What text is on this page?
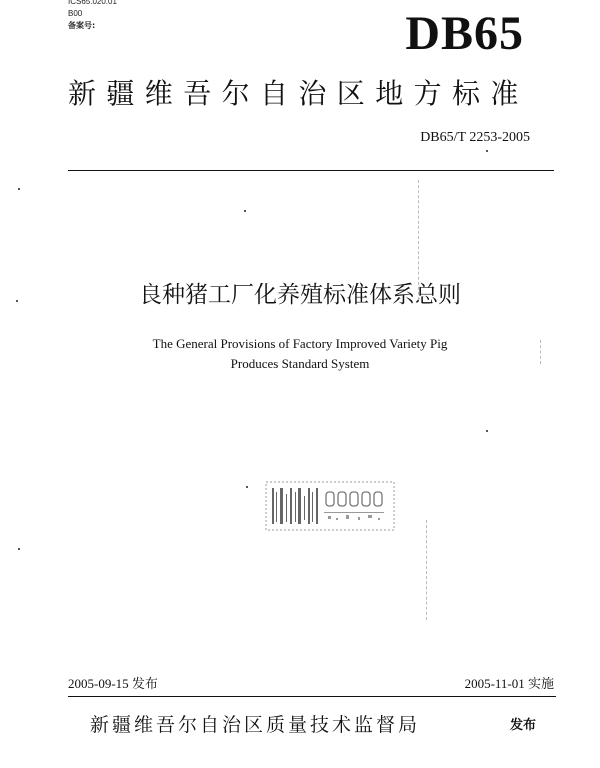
ICS65.020.01
B00
备案号:	DB65
新疆维吾尔自治区地方标准
DB65/T 2253-2005
良种猪工厂化养殖标准体系总则
The General Provisions of Factory Improved Variety Pig
Produces Standard System
2005-09-15 发布	2005-11-01 实施
新疆维吾尔自治区质量技术监督局	发布
